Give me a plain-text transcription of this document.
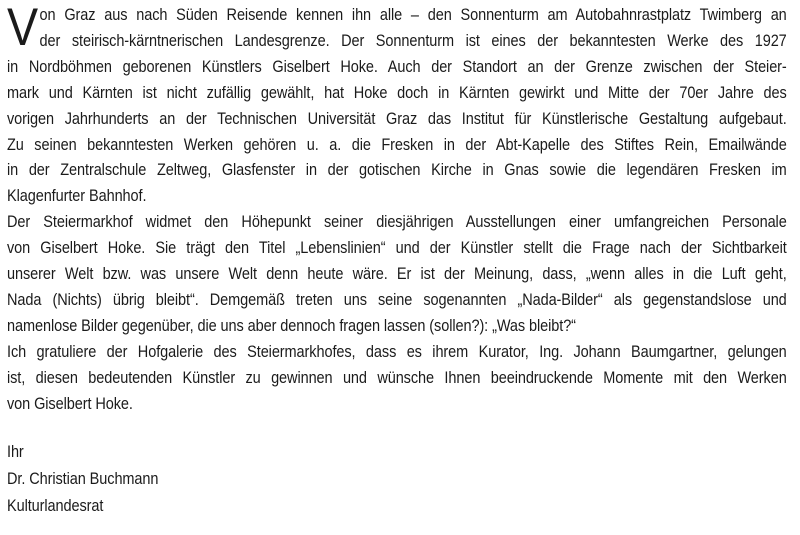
on Graz aus nach Süden Reisende kennen ihn alle – den Sonnenturm am Autobahnrastplatz Twimberg an
der steirisch-kärntnerischen Landesgrenze. Der Sonnenturm ist eines der bekanntesten Werke des 1927
in Nordböhmen geborenen Künstlers Giselbert Hoke. Auch der Standort an der Grenze zwischen der Steier-
mark und Kärnten ist nicht zufällig gewählt, hat Hoke doch in Kärnten gewirkt und Mitte der 70er Jahre des
vorigen Jahrhunderts an der Technischen Universität Graz das Institut für Künstlerische Gestaltung aufgebaut.
Zu seinen bekanntesten Werken gehören u. a. die Fresken in der Abt-Kapelle des Stiftes Rein, Emailwände
in der Zentralschule Zeltweg, Glasfenster in der gotischen Kirche in Gnas sowie die legendären Fresken im
Klagenfurter Bahnhof.
V
Der Steiermarkhof widmet den Höhepunkt seiner diesjährigen Ausstellungen einer umfangreichen Personale
von Giselbert Hoke. Sie trägt den Titel „Lebenslinien“ und der Künstler stellt die Frage nach der Sichtbarkeit
unserer Welt bzw. was unsere Welt denn heute wäre. Er ist der Meinung, dass, „wenn alles in die Luft geht,
Nada (Nichts) übrig bleibt“. Demgemäß treten uns seine sogenannten „Nada-Bilder“ als gegenstandslose und
namenlose Bilder gegenüber, die uns aber dennoch fragen lassen (sollen?): „Was bleibt?“
Ich gratuliere der Hofgalerie des Steiermarkhofes, dass es ihrem Kurator, Ing. Johann Baumgartner, gelungen
ist, diesen bedeutenden Künstler zu gewinnen und wünsche Ihnen beeindruckende Momente mit den Werken
von Giselbert Hoke.
Ihr
Dr. Christian Buchmann
Kulturlandesrat
